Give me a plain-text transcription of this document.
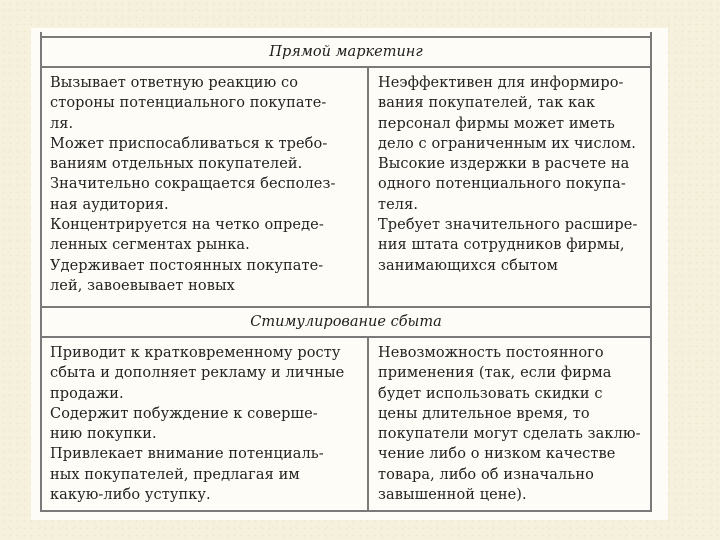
Прямой маркетинг
Вызывает ответную реакцию со
стороны потенциального покупате-
ля.
Может приспосабливаться к требо-
ваниям отдельных покупателей.
Значительно сокращается бесполез-
ная аудитория.
Концентрируется на четко опреде-
ленных сегментах рынка.
Удерживает постоянных покупате-
лей, завоевывает новых
Неэффективен для информиро-
вания покупателей, так как
персонал фирмы может иметь
дело с ограниченным их числом.
Высокие издержки в расчете на
одного потенциального покупа-
теля.
Требует значительного расшире-
ния штата сотрудников фирмы,
занимающихся сбытом
Стимулирование сбыта
Приводит к кратковременному росту
сбыта и дополняет рекламу и личные
продажи.
Содержит побуждение к соверше-
нию покупки.
Привлекает внимание потенциаль-
ных покупателей, предлагая им
какую-либо уступку.
Невозможность постоянного
применения (так, если фирма
будет использовать скидки с
цены длительное время, то
покупатели могут сделать заклю-
чение либо о низком качестве
товара, либо об изначально
завышенной цене).
